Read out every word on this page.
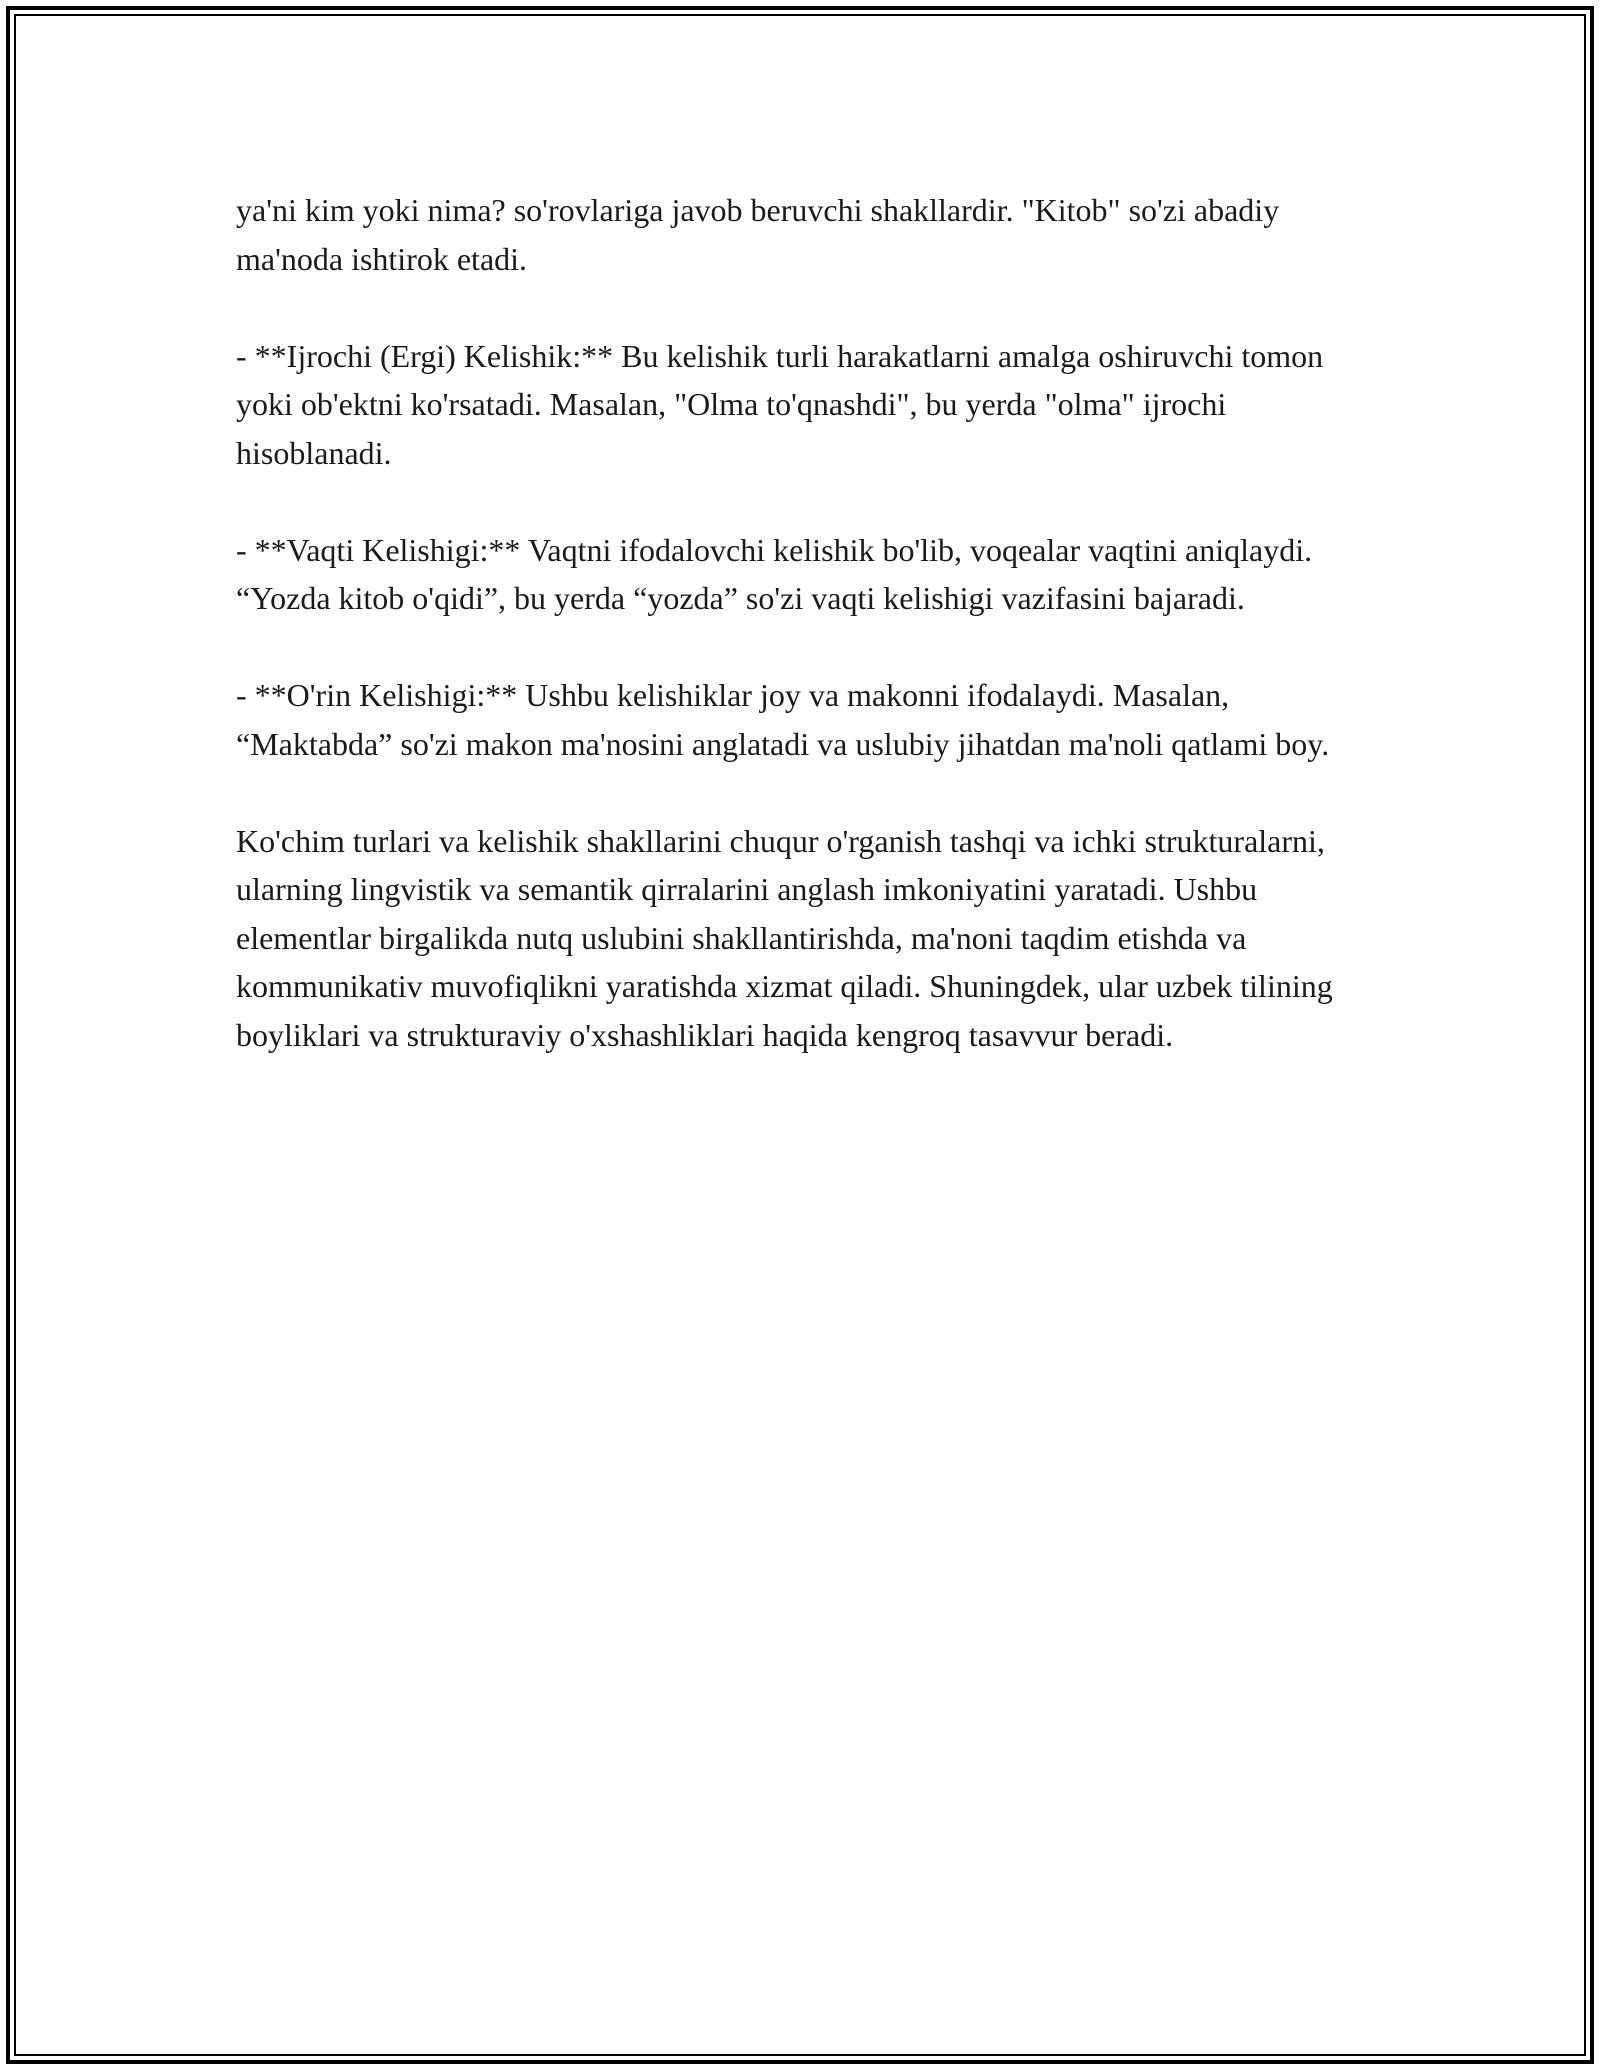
ya'ni kim yoki nima? so'rovlariga javob beruvchi shakllardir. "Kitob" so'zi abadiy ma'noda ishtirok etadi.

- **Ijrochi (Ergi) Kelishik:** Bu kelishik turli harakatlarni amalga oshiruvchi tomon yoki ob'ektni ko'rsatadi. Masalan, "Olma to'qnashdi", bu yerda "olma" ijrochi hisoblanadi.

- **Vaqti Kelishigi:** Vaqtni ifodalovchi kelishik bo'lib, voqealar vaqtini aniqlaydi. “Yozda kitob o'qidi”, bu yerda “yozda” so'zi vaqti kelishigi vazifasini bajaradi.

- **O'rin Kelishigi:** Ushbu kelishiklar joy va makonni ifodalaydi. Masalan, “Maktabda” so'zi makon ma'nosini anglatadi va uslubiy jihatdan ma'noli qatlami boy.

Ko'chim turlari va kelishik shakllarini chuqur o'rganish tashqi va ichki strukturalarni, ularning lingvistik va semantik qirralarini anglash imkoniyatini yaratadi. Ushbu elementlar birgalikda nutq uslubini shakllantirishda, ma'noni taqdim etishda va kommunikativ muvofiqlikni yaratishda xizmat qiladi. Shuningdek, ular uzbek tilining boyliklari va strukturaviy o'xshashliklari haqida kengroq tasavvur beradi.
